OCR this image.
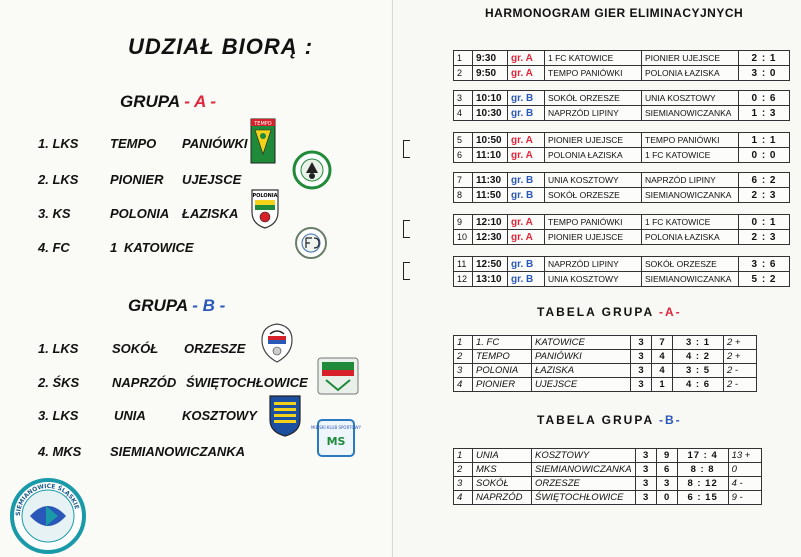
UDZIAŁ BIORĄ :
GRUPA - A -
1. LKS TEMPO PANIÓWKI
2. LKS PIONIER UJEJSCE
3. KS	POLONIA ŁAZISKA
4. FC	1 KATOWICE
TEMPO
POLONIA
GRUPA - B -
1. LKS	SOKÓŁ ORZESZE
2. ŚKS	NAPRZÓD ŚWIĘTOCHŁOWICE
3. LKS	UNIA	KOSZTOWY
4. MKS SIEMIANOWICZANKA
MIEJSKI KLUB SPORTOWY
MS
SIEMIANOWICE ŚLĄSKIE
HARMONOGRAM GIER ELIMINACYJNYCH
1	9:30	gr. A	1 FC KATOWICE	PIONIER UJEJSCE	2 : 1
2	9:50	gr. A	TEMPO PANIÓWKI	POLONIA ŁAZISKA	3 : 0
3	10:10	gr. B	SOKÓŁ ORZESZE	UNIA KOSZTOWY	0 : 6
4	10:30	gr. B	NAPRZÓD LIPINY	SIEMIANOWICZANKA	1 : 3
5	10:50	gr. A	PIONIER UJEJSCE	TEMPO PANIÓWKI	1 : 1
6	11:10	gr. A	POLONIA ŁAZISKA	1 FC KATOWICE	0 : 0
7	11:30	gr. B	UNIA KOSZTOWY	NAPRZÓD LIPINY	6 : 2
8	11:50	gr. B	SOKÓŁ ORZESZE	SIEMIANOWICZANKA	2 : 3
9	12:10	gr. A	TEMPO PANIÓWKI	1 FC KATOWICE	0 : 1
10	12:30	gr. A	PIONIER UJEJSCE	POLONIA ŁAZISKA	2 : 3
11	12:50	gr. B	NAPRZÓD LIPINY	SOKÓŁ ORZESZE	3 : 6
12	13:10	gr. B	UNIA KOSZTOWY	SIEMIANOWICZANKA	5 : 2
TABELA GRUPA -A-
1	1. FC	KATOWICE	3	7	3 : 1	2 +
2	TEMPO	PANIÓWKI	3	4	4 : 2	2 +
3	POLONIA	ŁAZISKA	3	4	3 : 5	2 -
4	PIONIER	UJEJSCE	3	1	4 : 6	2 -
TABELA GRUPA -B-
1	UNIA	KOSZTOWY	3	9	17 : 4	13 +
2	MKS	SIEMIANOWICZANKA	3	6	8 : 8	0
3	SOKÓŁ	ORZESZE	3	3	8 : 12	4 -
4	NAPRZÓD	ŚWIĘTOCHŁOWICE	3	0	6 : 15	9 -
